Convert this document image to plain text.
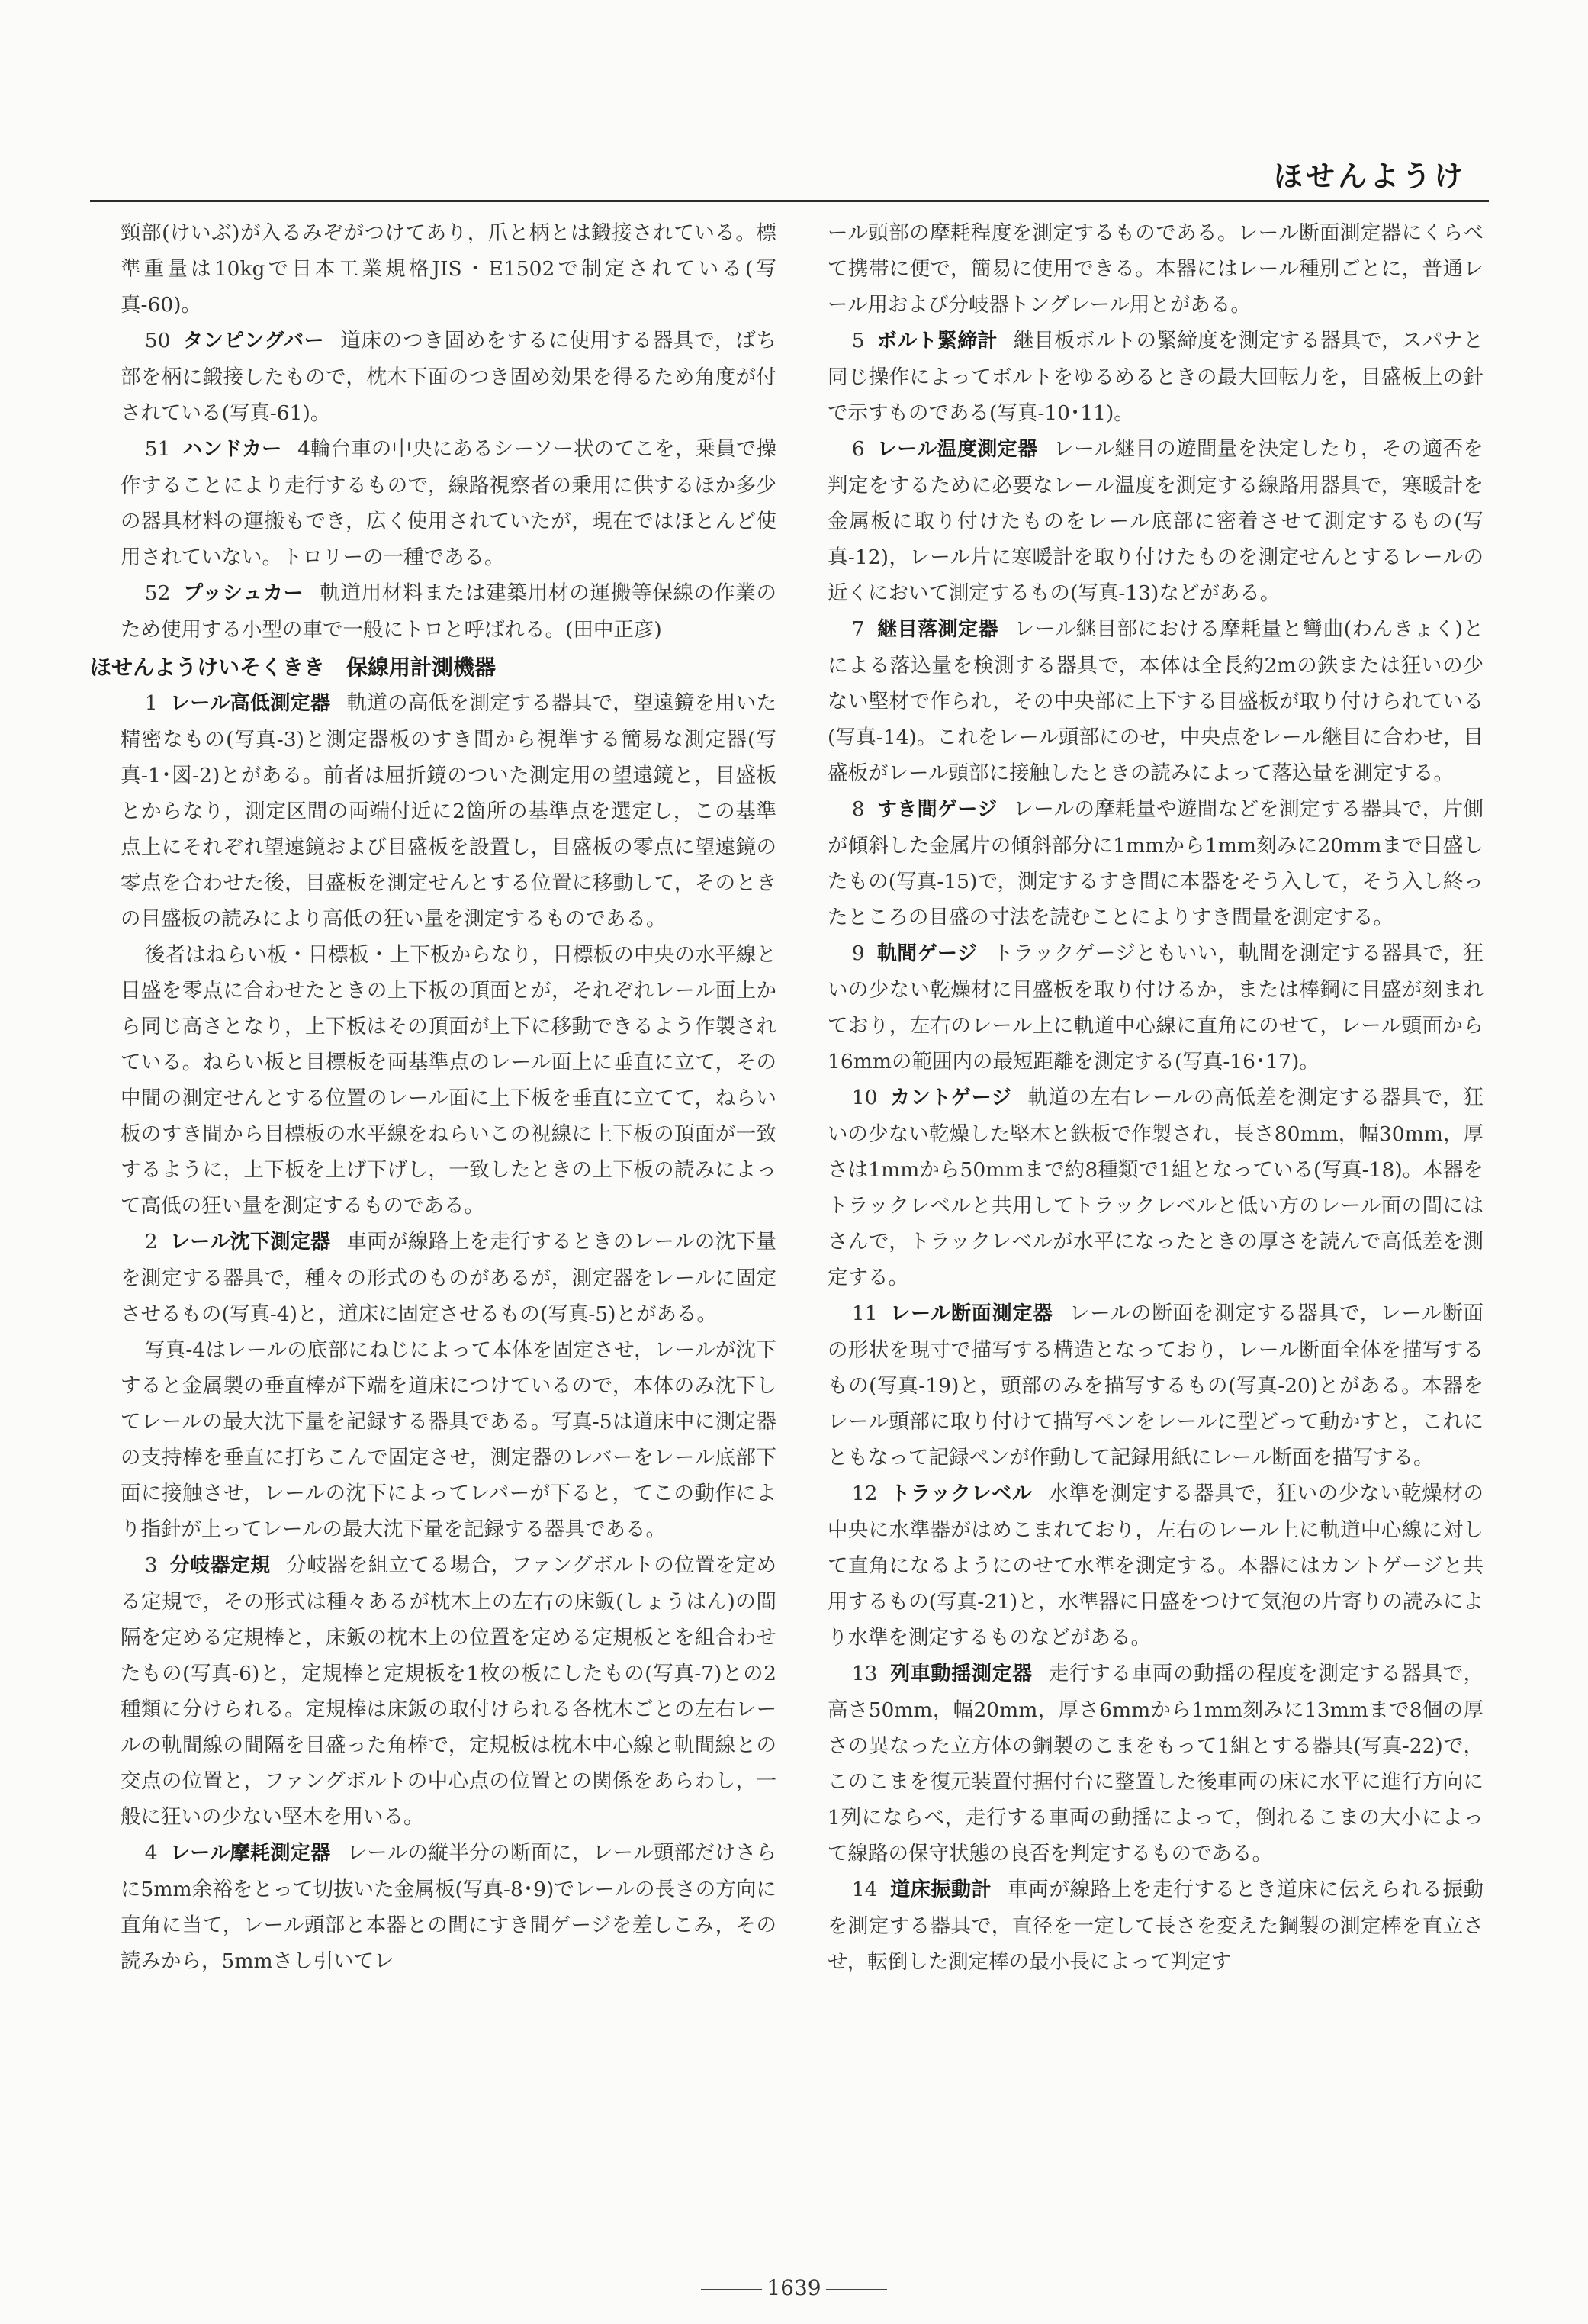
ほせんようけ

頸部(けいぶ)が入るみぞがつけてあり，爪と柄とは鍛接されている。標準重量は10kgで日本工業規格JIS・E1502で制定されている(写真-60)。

50 タンピングバー 道床のつき固めをするに使用する器具で，ばち部を柄に鍛接したもので，枕木下面のつき固め効果を得るため角度が付されている(写真-61)。

51 ハンドカー 4輪台車の中央にあるシーソー状のてこを，乗員で操作することにより走行するもので，線路視察者の乗用に供するほか多少の器具材料の運搬もでき，広く使用されていたが，現在ではほとんど使用されていない。トロリーの一種である。

52 プッシュカー 軌道用材料または建築用材の運搬等保線の作業のため使用する小型の車で一般にトロと呼ばれる。(田中正彦)

ほせんようけいそくきき　保線用計測機器

1 レール高低測定器 軌道の高低を測定する器具で，望遠鏡を用いた精密なもの(写真-3)と測定器板のすき間から視準する簡易な測定器(写真-1･図-2)とがある。前者は屈折鏡のついた測定用の望遠鏡と，目盛板とからなり，測定区間の両端付近に2箇所の基準点を選定し，この基準点上にそれぞれ望遠鏡および目盛板を設置し，目盛板の零点に望遠鏡の零点を合わせた後，目盛板を測定せんとする位置に移動して，そのときの目盛板の読みにより高低の狂い量を測定するものである。

後者はねらい板・目標板・上下板からなり，目標板の中央の水平線と目盛を零点に合わせたときの上下板の頂面とが，それぞれレール面上から同じ高さとなり，上下板はその頂面が上下に移動できるよう作製されている。ねらい板と目標板を両基準点のレール面上に垂直に立て，その中間の測定せんとする位置のレール面に上下板を垂直に立てて，ねらい板のすき間から目標板の水平線をねらいこの視線に上下板の頂面が一致するように，上下板を上げ下げし，一致したときの上下板の読みによって高低の狂い量を測定するものである。

2 レール沈下測定器 車両が線路上を走行するときのレールの沈下量を測定する器具で，種々の形式のものがあるが，測定器をレールに固定させるもの(写真-4)と，道床に固定させるもの(写真-5)とがある。

写真-4はレールの底部にねじによって本体を固定させ，レールが沈下すると金属製の垂直棒が下端を道床につけているので，本体のみ沈下してレールの最大沈下量を記録する器具である。写真-5は道床中に測定器の支持棒を垂直に打ちこんで固定させ，測定器のレバーをレール底部下面に接触させ，レールの沈下によってレバーが下ると，てこの動作により指針が上ってレールの最大沈下量を記録する器具である。

3 分岐器定規 分岐器を組立てる場合，ファングボルトの位置を定める定規で，その形式は種々あるが枕木上の左右の床鈑(しょうはん)の間隔を定める定規棒と，床鈑の枕木上の位置を定める定規板とを組合わせたもの(写真-6)と，定規棒と定規板を1枚の板にしたもの(写真-7)との2種類に分けられる。定規棒は床鈑の取付けられる各枕木ごとの左右レールの軌間線の間隔を目盛った角棒で，定規板は枕木中心線と軌間線との交点の位置と，ファングボルトの中心点の位置との関係をあらわし，一般に狂いの少ない堅木を用いる。

4 レール摩耗測定器 レールの縦半分の断面に，レール頭部だけさらに5mm余裕をとって切抜いた金属板(写真-8･9)でレールの長さの方向に直角に当て，レール頭部と本器との間にすき間ゲージを差しこみ，その読みから，5mmさし引いてレ

ール頭部の摩耗程度を測定するものである。レール断面測定器にくらべて携帯に便で，簡易に使用できる。本器にはレール種別ごとに，普通レール用および分岐器トングレール用とがある。

5 ボルト緊締計 継目板ボルトの緊締度を測定する器具で，スパナと同じ操作によってボルトをゆるめるときの最大回転力を，目盛板上の針で示すものである(写真-10･11)。

6 レール温度測定器 レール継目の遊間量を決定したり，その適否を判定をするために必要なレール温度を測定する線路用器具で，寒暖計を金属板に取り付けたものをレール底部に密着させて測定するもの(写真-12)，レール片に寒暖計を取り付けたものを測定せんとするレールの近くにおいて測定するもの(写真-13)などがある。

7 継目落測定器 レール継目部における摩耗量と彎曲(わんきょく)とによる落込量を検測する器具で，本体は全長約2mの鉄または狂いの少ない堅材で作られ，その中央部に上下する目盛板が取り付けられている(写真-14)。これをレール頭部にのせ，中央点をレール継目に合わせ，目盛板がレール頭部に接触したときの読みによって落込量を測定する。

8 すき間ゲージ レールの摩耗量や遊間などを測定する器具で，片側が傾斜した金属片の傾斜部分に1mmから1mm刻みに20mmまで目盛したもの(写真-15)で，測定するすき間に本器をそう入して，そう入し終ったところの目盛の寸法を読むことによりすき間量を測定する。

9 軌間ゲージ トラックゲージともいい，軌間を測定する器具で，狂いの少ない乾燥材に目盛板を取り付けるか，または棒鋼に目盛が刻まれており，左右のレール上に軌道中心線に直角にのせて，レール頭面から16mmの範囲内の最短距離を測定する(写真-16･17)。

10 カントゲージ 軌道の左右レールの高低差を測定する器具で，狂いの少ない乾燥した堅木と鉄板で作製され，長さ80mm，幅30mm，厚さは1mmから50mmまで約8種類で1組となっている(写真-18)。本器をトラックレベルと共用してトラックレベルと低い方のレール面の間にはさんで，トラックレベルが水平になったときの厚さを読んで高低差を測定する。

11 レール断面測定器 レールの断面を測定する器具で，レール断面の形状を現寸で描写する構造となっており，レール断面全体を描写するもの(写真-19)と，頭部のみを描写するもの(写真-20)とがある。本器をレール頭部に取り付けて描写ペンをレールに型どって動かすと，これにともなって記録ペンが作動して記録用紙にレール断面を描写する。

12 トラックレベル 水準を測定する器具で，狂いの少ない乾燥材の中央に水準器がはめこまれており，左右のレール上に軌道中心線に対して直角になるようにのせて水準を測定する。本器にはカントゲージと共用するもの(写真-21)と，水準器に目盛をつけて気泡の片寄りの読みにより水準を測定するものなどがある。

13 列車動揺測定器 走行する車両の動揺の程度を測定する器具で，高さ50mm，幅20mm，厚さ6mmから1mm刻みに13mmまで8個の厚さの異なった立方体の鋼製のこまをもって1組とする器具(写真-22)で，このこまを復元装置付据付台に整置した後車両の床に水平に進行方向に1列にならべ，走行する車両の動揺によって，倒れるこまの大小によって線路の保守状態の良否を判定するものである。

14 道床振動計 車両が線路上を走行するとき道床に伝えられる振動を測定する器具で，直径を一定して長さを変えた鋼製の測定棒を直立させ，転倒した測定棒の最小長によって判定す

1639
